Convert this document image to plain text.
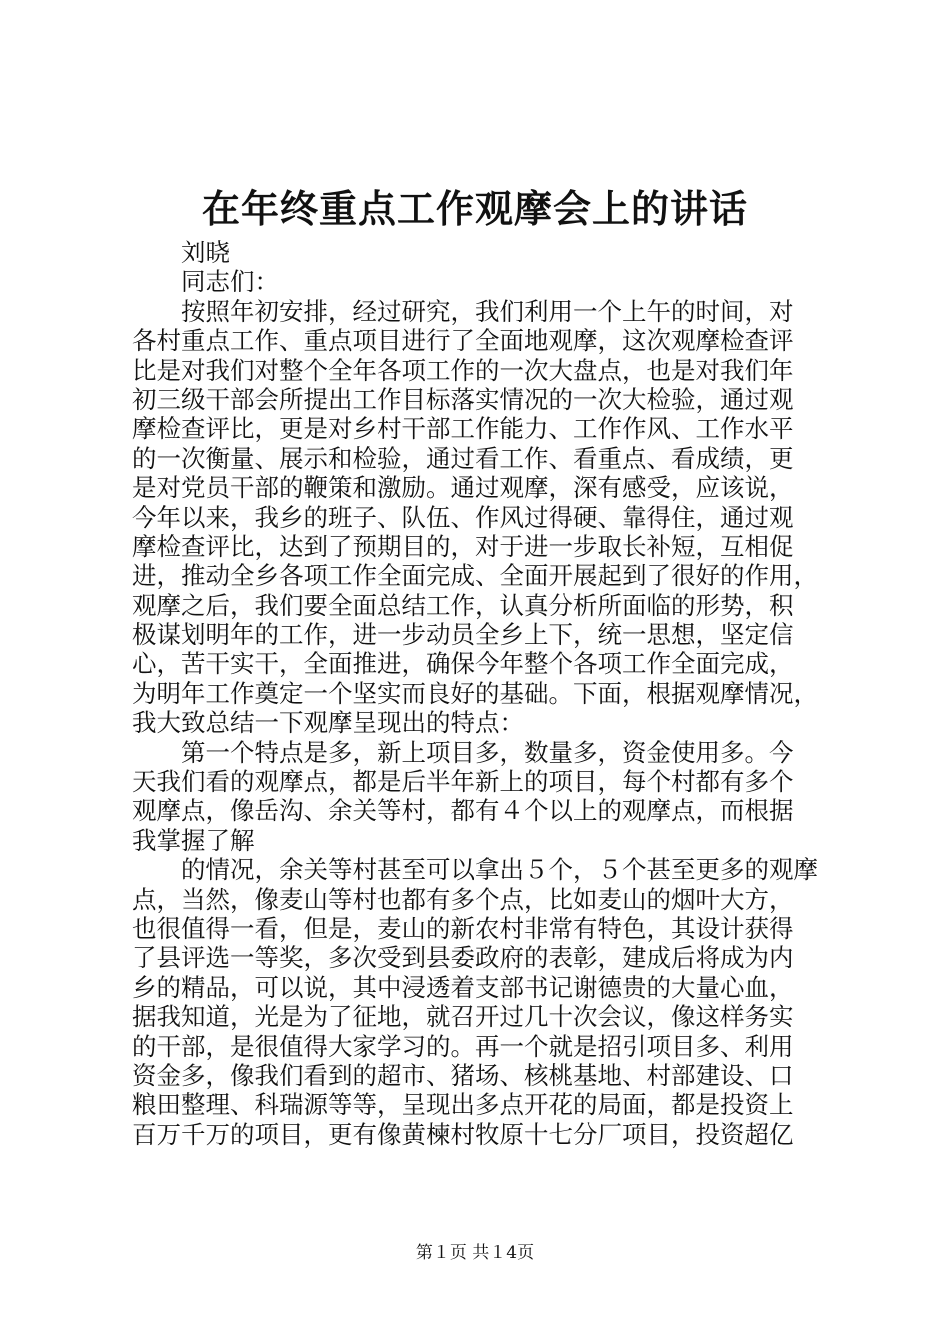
在年终重点工作观摩会上的讲话
刘晓
同志们：
按照年初安排，经过研究，我们利用一个上午的时间，对
各村重点工作、重点项目进行了全面地观摩，这次观摩检查评
比是对我们对整个全年各项工作的一次大盘点，也是对我们年
初三级干部会所提出工作目标落实情况的一次大检验，通过观
摩检查评比，更是对乡村干部工作能力、工作作风、工作水平
的一次衡量、展示和检验，通过看工作、看重点、看成绩，更
是对党员干部的鞭策和激励。通过观摩，深有感受，应该说，
今年以来，我乡的班子、队伍、作风过得硬、靠得住，通过观
摩检查评比，达到了预期目的，对于进一步取长补短，互相促
进，推动全乡各项工作全面完成、全面开展起到了很好的作用，
观摩之后，我们要全面总结工作，认真分析所面临的形势，积
极谋划明年的工作，进一步动员全乡上下，统一思想，坚定信
心，苦干实干，全面推进，确保今年整个各项工作全面完成，
为明年工作奠定一个坚实而良好的基础。下面，根据观摩情况，
我大致总结一下观摩呈现出的特点：
第一个特点是多，新上项目多，数量多，资金使用多。今
天我们看的观摩点，都是后半年新上的项目，每个村都有多个
观摩点，像岳沟、余关等村，都有４个以上的观摩点，而根据
我掌握了解
的情况，余关等村甚至可以拿出５个，５个甚至更多的观摩
点，当然，像麦山等村也都有多个点，比如麦山的烟叶大方，
也很值得一看，但是，麦山的新农村非常有特色，其设计获得
了县评选一等奖，多次受到县委政府的表彰，建成后将成为内
乡的精品，可以说，其中浸透着支部书记谢德贵的大量心血，
据我知道，光是为了征地，就召开过几十次会议，像这样务实
的干部，是很值得大家学习的。再一个就是招引项目多、利用
资金多，像我们看到的超市、猪场、核桃基地、村部建设、口
粮田整理、科瑞源等等，呈现出多点开花的局面，都是投资上
百万千万的项目，更有像黄楝村牧原十七分厂项目，投资超亿
第１页 共１4页
